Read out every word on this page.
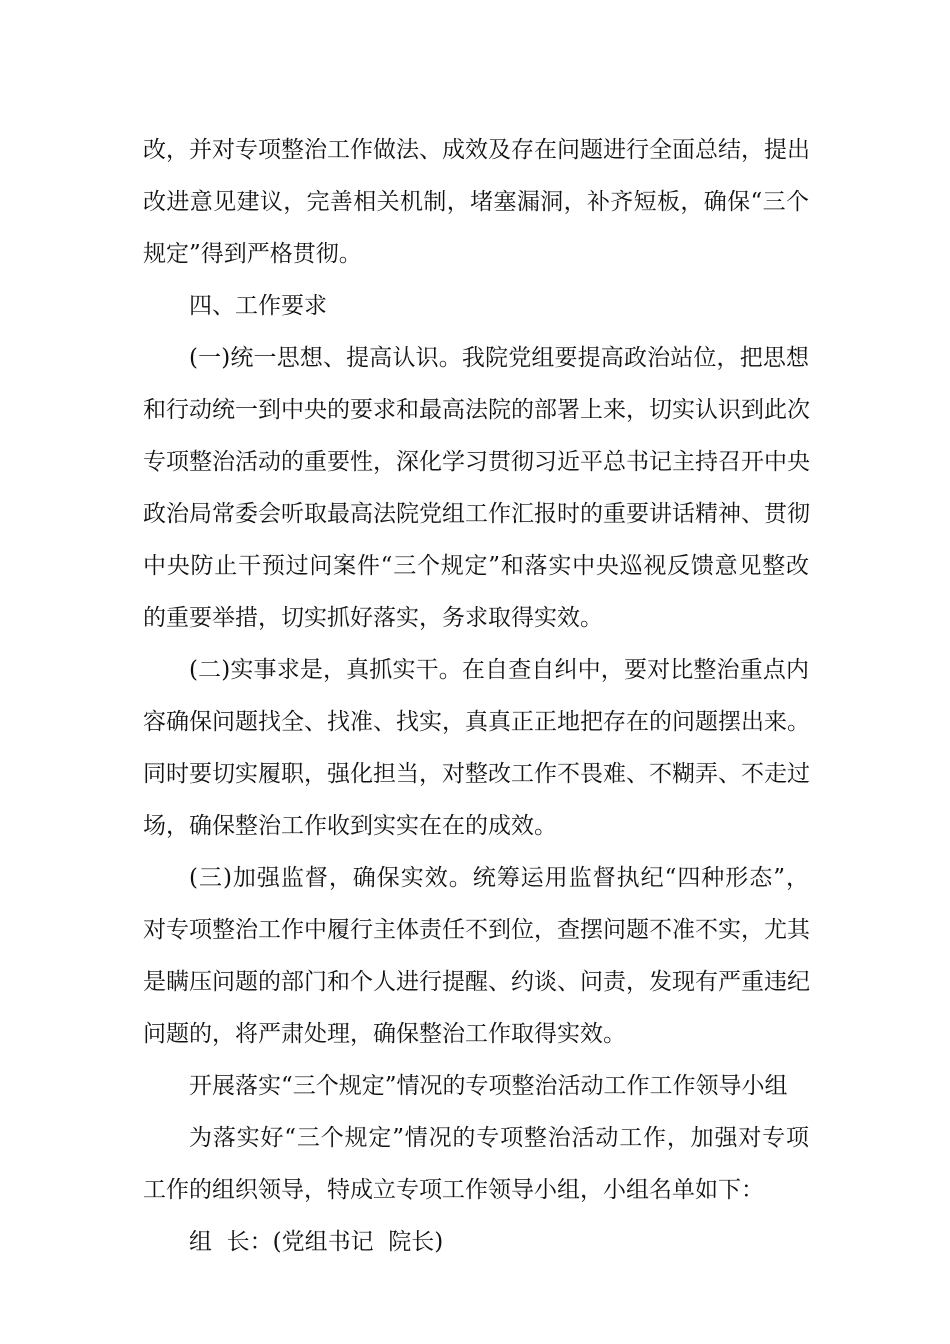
改，并对专项整治工作做法、成效及存在问题进行全面总结，提出
改进意见建议，完善相关机制，堵塞漏洞，补齐短板，确保“三个
规定”得到严格贯彻。
四、工作要求
(一)统一思想、提高认识。我院党组要提高政治站位，把思想
和行动统一到中央的要求和最高法院的部署上来，切实认识到此次
专项整治活动的重要性，深化学习贯彻习近平总书记主持召开中央
政治局常委会听取最高法院党组工作汇报时的重要讲话精神、贯彻
中央防止干预过问案件“三个规定”和落实中央巡视反馈意见整改
的重要举措，切实抓好落实，务求取得实效。
(二)实事求是，真抓实干。在自查自纠中，要对比整治重点内
容确保问题找全、找准、找实，真真正正地把存在的问题摆出来。
同时要切实履职，强化担当，对整改工作不畏难、不糊弄、不走过
场，确保整治工作收到实实在在的成效。
(三)加强监督，确保实效。统筹运用监督执纪“四种形态”，
对专项整治工作中履行主体责任不到位，查摆问题不准不实，尤其
是瞒压问题的部门和个人进行提醒、约谈、问责，发现有严重违纪
问题的，将严肃处理，确保整治工作取得实效。
开展落实“三个规定”情况的专项整治活动工作工作领导小组
为落实好“三个规定”情况的专项整治活动工作，加强对专项
工作的组织领导，特成立专项工作领导小组，小组名单如下：
组  长：(党组书记  院长)
